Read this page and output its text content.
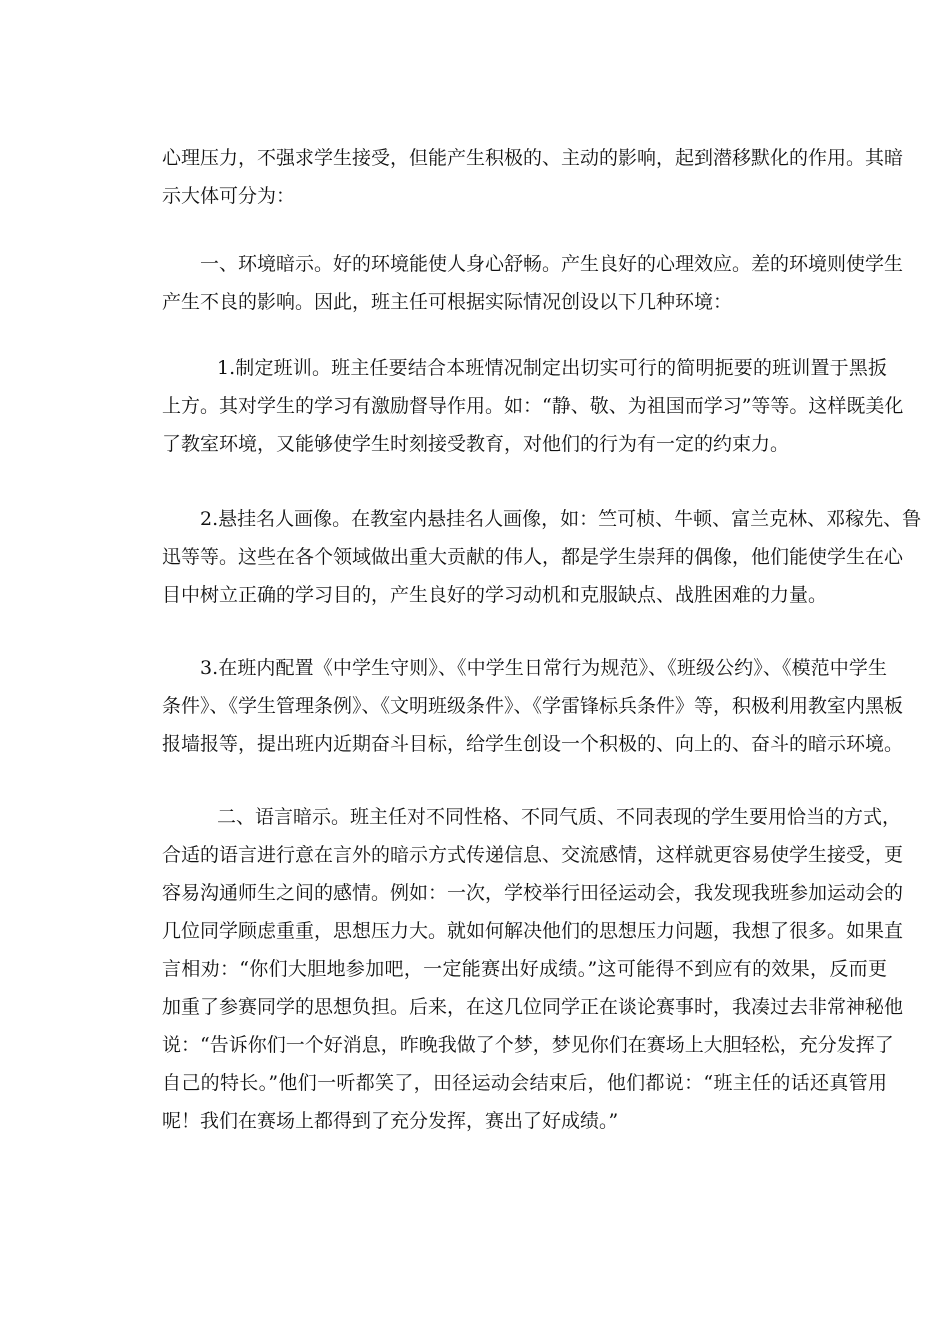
心理压力，不强求学生接受，但能产生积极的、主动的影响，起到潜移默化的作用。其暗
示大体可分为：
一、环境暗示。好的环境能使人身心舒畅。产生良好的心理效应。差的环境则使学生
产生不良的影响。因此，班主任可根据实际情况创设以下几种环境：
1.制定班训。班主任要结合本班情况制定出切实可行的简明扼要的班训置于黑扳
上方。其对学生的学习有激励督导作用。如：“静、敬、为祖国而学习”等等。这样既美化
了教室环境，又能够使学生时刻接受教育，对他们的行为有一定的约束力。
2.悬挂名人画像。在教室内悬挂名人画像，如：竺可桢、牛顿、富兰克林、邓稼先、鲁
迅等等。这些在各个领域做出重大贡献的伟人，都是学生崇拜的偶像，他们能使学生在心
目中树立正确的学习目的，产生良好的学习动机和克服缺点、战胜困难的力量。
3.在班内配置《中学生守则》、《中学生日常行为规范》、《班级公约》、《模范中学生
条件》、《学生管理条例》、《文明班级条件》、《学雷锋标兵条件》等，积极利用教室内黑板
报墙报等，提出班内近期奋斗目标，给学生创设一个积极的、向上的、奋斗的暗示环境。
二、语言暗示。班主任对不同性格、不同气质、不同表现的学生要用恰当的方式，
合适的语言进行意在言外的暗示方式传递信息、交流感情，这样就更容易使学生接受，更
容易沟通师生之间的感情。例如：一次，学校举行田径运动会，我发现我班参加运动会的
几位同学顾虑重重，思想压力大。就如何解决他们的思想压力问题，我想了很多。如果直
言相劝：“你们大胆地参加吧，一定能赛出好成绩。”这可能得不到应有的效果，反而更
加重了参赛同学的思想负担。后来，在这几位同学正在谈论赛事时，我凑过去非常神秘他
说：“告诉你们一个好消息，昨晚我做了个梦，梦见你们在赛场上大胆轻松，充分发挥了
自己的特长。”他们一听都笑了，田径运动会结束后，他们都说：“班主任的话还真管用
呢！我们在赛场上都得到了充分发挥，赛出了好成绩。”
